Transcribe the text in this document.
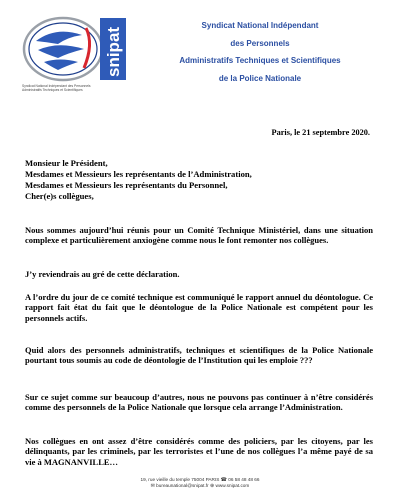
snipat
Syndicat National Indépendant des Personnels
Administratifs Techniques et Scientifiques
Syndicat National Indépendant
des Personnels
Administratifs Techniques et Scientifiques
de la Police Nationale
Paris, le 21 septembre 2020.
Monsieur le Président,
Mesdames et Messieurs les représentants de l’Administration,
Mesdames et Messieurs les représentants du Personnel,
Cher(e)s collègues,
Nous sommes aujourd’hui réunis pour un Comité Technique Ministériel, dans une situation complexe et particulièrement anxiogène comme nous le font remonter nos collègues.
J’y reviendrais au gré de cette déclaration.
A l’ordre du jour de ce comité technique est communiqué le rapport annuel du déontologue. Ce rapport fait état du fait que le déontologue de la Police Nationale est compétent pour les personnels actifs.
Quid alors des personnels administratifs, techniques et scientifiques de la Police Nationale pourtant tous soumis au code de déontologie de l’Institution qui les emploie ???
Sur ce sujet comme sur beaucoup d’autres, nous ne pouvons pas continuer à n’être considérés comme des personnels de la Police Nationale que lorsque cela arrange l’Administration.
Nos collègues en ont assez d’être considérés comme des policiers, par les citoyens, par les délinquants, par les criminels, par les terroristes et l’une de nos collègues l’a même payé de sa vie à MAGNANVILLE…
19, rue vieille du temple 75004 PARIS ☎ 06 58 48 48 66
✉ bureaunational@snipat.fr ⊕ www.snipat.com
